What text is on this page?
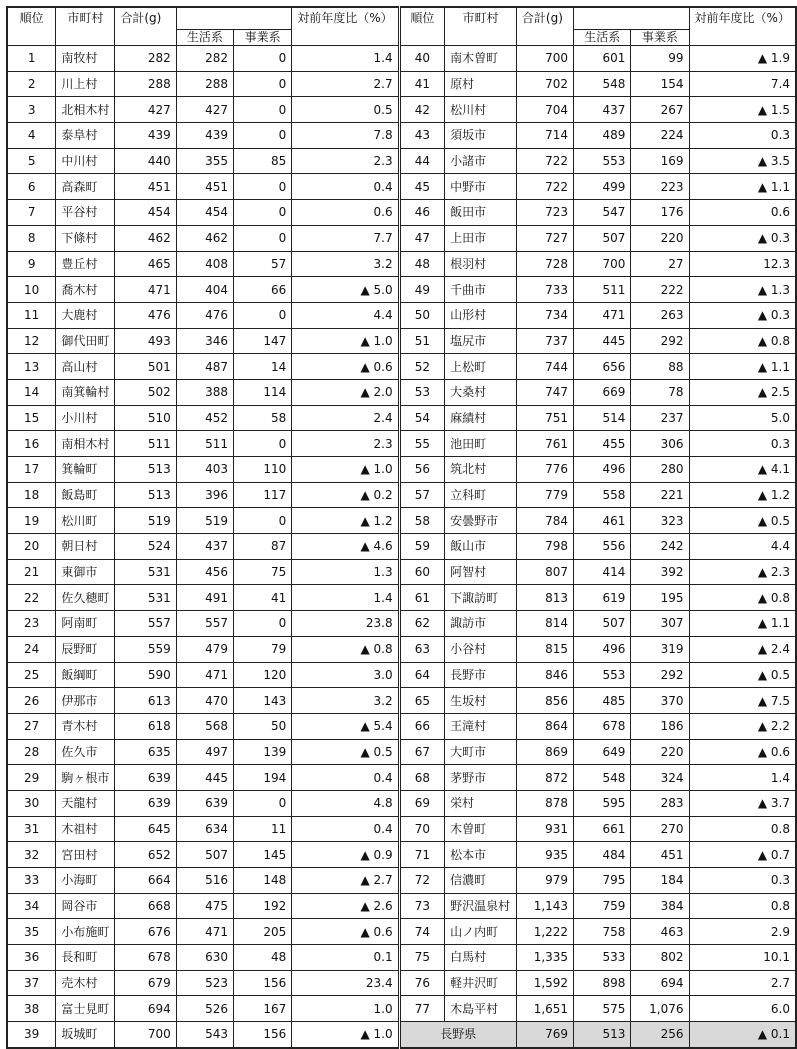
順位	市町村	合計(g)			対前年度比（%）	順位	市町村	合計(g)			対前年度比（%）
			生活系	事業系					生活系	事業系	
1	南牧村	282	282	0	1.4	40	南木曽町	700	601	99	▲ 1.9
2	川上村	288	288	0	2.7	41	原村	702	548	154	7.4
3	北相木村	427	427	0	0.5	42	松川村	704	437	267	▲ 1.5
4	泰阜村	439	439	0	7.8	43	須坂市	714	489	224	0.3
5	中川村	440	355	85	2.3	44	小諸市	722	553	169	▲ 3.5
6	高森町	451	451	0	0.4	45	中野市	722	499	223	▲ 1.1
7	平谷村	454	454	0	0.6	46	飯田市	723	547	176	0.6
8	下條村	462	462	0	7.7	47	上田市	727	507	220	▲ 0.3
9	豊丘村	465	408	57	3.2	48	根羽村	728	700	27	12.3
10	喬木村	471	404	66	▲ 5.0	49	千曲市	733	511	222	▲ 1.3
11	大鹿村	476	476	0	4.4	50	山形村	734	471	263	▲ 0.3
12	御代田町	493	346	147	▲ 1.0	51	塩尻市	737	445	292	▲ 0.8
13	高山村	501	487	14	▲ 0.6	52	上松町	744	656	88	▲ 1.1
14	南箕輪村	502	388	114	▲ 2.0	53	大桑村	747	669	78	▲ 2.5
15	小川村	510	452	58	2.4	54	麻績村	751	514	237	5.0
16	南相木村	511	511	0	2.3	55	池田町	761	455	306	0.3
17	箕輪町	513	403	110	▲ 1.0	56	筑北村	776	496	280	▲ 4.1
18	飯島町	513	396	117	▲ 0.2	57	立科町	779	558	221	▲ 1.2
19	松川町	519	519	0	▲ 1.2	58	安曇野市	784	461	323	▲ 0.5
20	朝日村	524	437	87	▲ 4.6	59	飯山市	798	556	242	4.4
21	東御市	531	456	75	1.3	60	阿智村	807	414	392	▲ 2.3
22	佐久穂町	531	491	41	1.4	61	下諏訪町	813	619	195	▲ 0.8
23	阿南町	557	557	0	23.8	62	諏訪市	814	507	307	▲ 1.1
24	辰野町	559	479	79	▲ 0.8	63	小谷村	815	496	319	▲ 2.4
25	飯綱町	590	471	120	3.0	64	長野市	846	553	292	▲ 0.5
26	伊那市	613	470	143	3.2	65	生坂村	856	485	370	▲ 7.5
27	青木村	618	568	50	▲ 5.4	66	王滝村	864	678	186	▲ 2.2
28	佐久市	635	497	139	▲ 0.5	67	大町市	869	649	220	▲ 0.6
29	駒ヶ根市	639	445	194	0.4	68	茅野市	872	548	324	1.4
30	天龍村	639	639	0	4.8	69	栄村	878	595	283	▲ 3.7
31	木祖村	645	634	11	0.4	70	木曽町	931	661	270	0.8
32	宮田村	652	507	145	▲ 0.9	71	松本市	935	484	451	▲ 0.7
33	小海町	664	516	148	▲ 2.7	72	信濃町	979	795	184	0.3
34	岡谷市	668	475	192	▲ 2.6	73	野沢温泉村	1,143	759	384	0.8
35	小布施町	676	471	205	▲ 0.6	74	山ノ内町	1,222	758	463	2.9
36	長和町	678	630	48	0.1	75	白馬村	1,335	533	802	10.1
37	売木村	679	523	156	23.4	76	軽井沢町	1,592	898	694	2.7
38	富士見町	694	526	167	1.0	77	木島平村	1,651	575	1,076	6.0
39	坂城町	700	543	156	▲ 1.0	長野県		769	513	256	▲ 0.1
